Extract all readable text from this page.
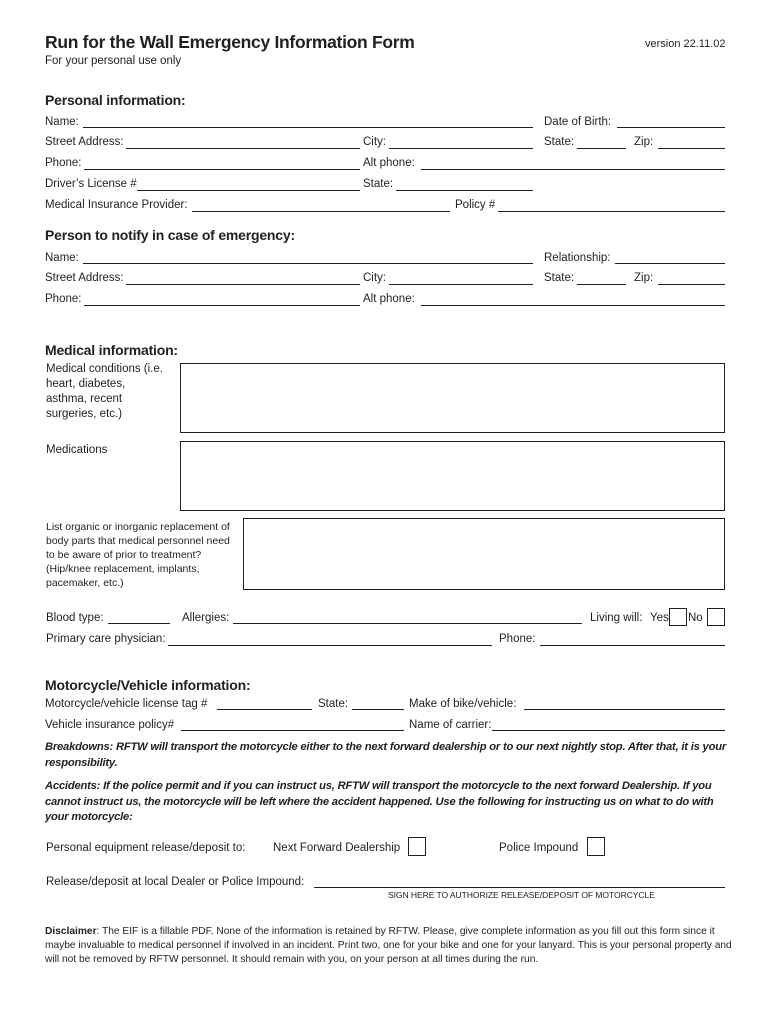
Run for the Wall Emergency Information Form	version 22.11.02
For your personal use only
Personal information:
Name:	Date of Birth:
Street Address:	City:	State:	Zip:
Phone:	Alt phone:
Driver’s License #	State:
Medical Insurance Provider:	Policy #
Person to notify in case of emergency:
Name:	Relationship:
Street Address:	City:	State:	Zip:
Phone:	Alt phone:
Medical information:
Medical conditions (i.e. heart, diabetes, asthma, recent surgeries, etc.)
Medications
List organic or inorganic replacement of body parts that medical personnel need to be aware of prior to treatment? (Hip/knee replacement, implants, pacemaker, etc.)
Blood type:	Allergies:	Living will: Yes No
Primary care physician:	Phone:
Motorcycle/Vehicle information:
Motorcycle/vehicle license tag #	State:	Make of bike/vehicle:
Vehicle insurance policy#	Name of carrier:
Breakdowns: RFTW will transport the motorcycle either to the next forward dealership or to our next nightly stop. After that, it is your responsibility.
Accidents: If the police permit and if you can instruct us, RFTW will transport the motorcycle to the next forward Dealership. If you cannot instruct us, the motorcycle will be left where the accident happened. Use the following for instructing us on what to do with your motorcycle:
Personal equipment release/deposit to: Next Forward Dealership	Police Impound
Release/deposit at local Dealer or Police Impound:
SIGN HERE TO AUTHORIZE RELEASE/DEPOSIT OF MOTORCYCLE
Disclaimer: The EIF is a fillable PDF. None of the information is retained by RFTW. Please, give complete information as you fill out this form since it maybe invaluable to medical personnel if involved in an incident. Print two, one for your bike and one for your lanyard. This is your personal property and will not be removed by RFTW personnel. It should remain with you, on your person at all times during the run.
